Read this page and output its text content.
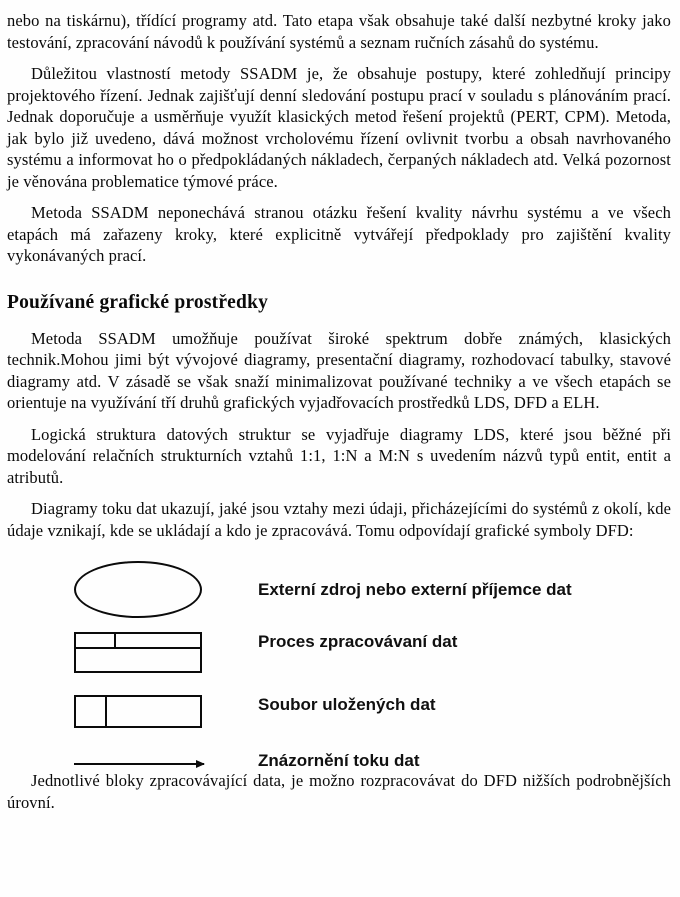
nebo na tiskárnu), třídící programy atd. Tato etapa však obsahuje také další nezbytné kroky jako testování, zpracování návodů k používání systémů a seznam ručních zásahů do systému.

Důležitou vlastností metody SSADM je, že obsahuje postupy, které zohledňují principy projektového řízení. Jednak zajišťují denní sledování postupu prací v souladu s plánováním prací. Jednak doporučuje a usměrňuje využít klasických metod řešení projektů (PERT, CPM). Metoda, jak bylo již uvedeno, dává možnost vrcholovému řízení ovlivnit tvorbu a obsah navrhovaného systému a informovat ho o předpokládaných nákladech, čerpaných nákladech atd. Velká pozornost je věnována problematice týmové práce.

Metoda SSADM neponechává stranou otázku řešení kvality návrhu systému a ve všech etapách má zařazeny kroky, které explicitně vytvářejí předpoklady pro zajištění kvality vykonávaných prací.

Používané grafické prostředky

Metoda SSADM umožňuje používat široké spektrum dobře známých, klasických technik.Mohou jimi být vývojové diagramy, presentační diagramy, rozhodovací tabulky, stavové diagramy atd. V zásadě se však snaží minimalizovat používané techniky a ve všech etapách se orientuje na využívání tří druhů grafických vyjadřovacích prostředků LDS, DFD a ELH.

Logická struktura datových struktur se vyjadřuje diagramy LDS, které jsou běžné při modelování relačních strukturních vztahů 1:1, 1:N a M:N s uvedením názvů typů entit, entit a atributů.

Diagramy toku dat ukazují, jaké jsou vztahy mezi údaji, přicházejícími do systémů z okolí, kde údaje vznikají, kde se ukládají a kdo je zpracovává. Tomu odpovídají grafické symboly DFD:

Externí zdroj nebo externí příjemce dat
Proces zpracovávaní dat
Soubor uložených dat
Znázornění toku dat

Jednotlivé bloky zpracovávající data, je možno rozpracovávat do DFD nižších podrobnějších úrovní.
